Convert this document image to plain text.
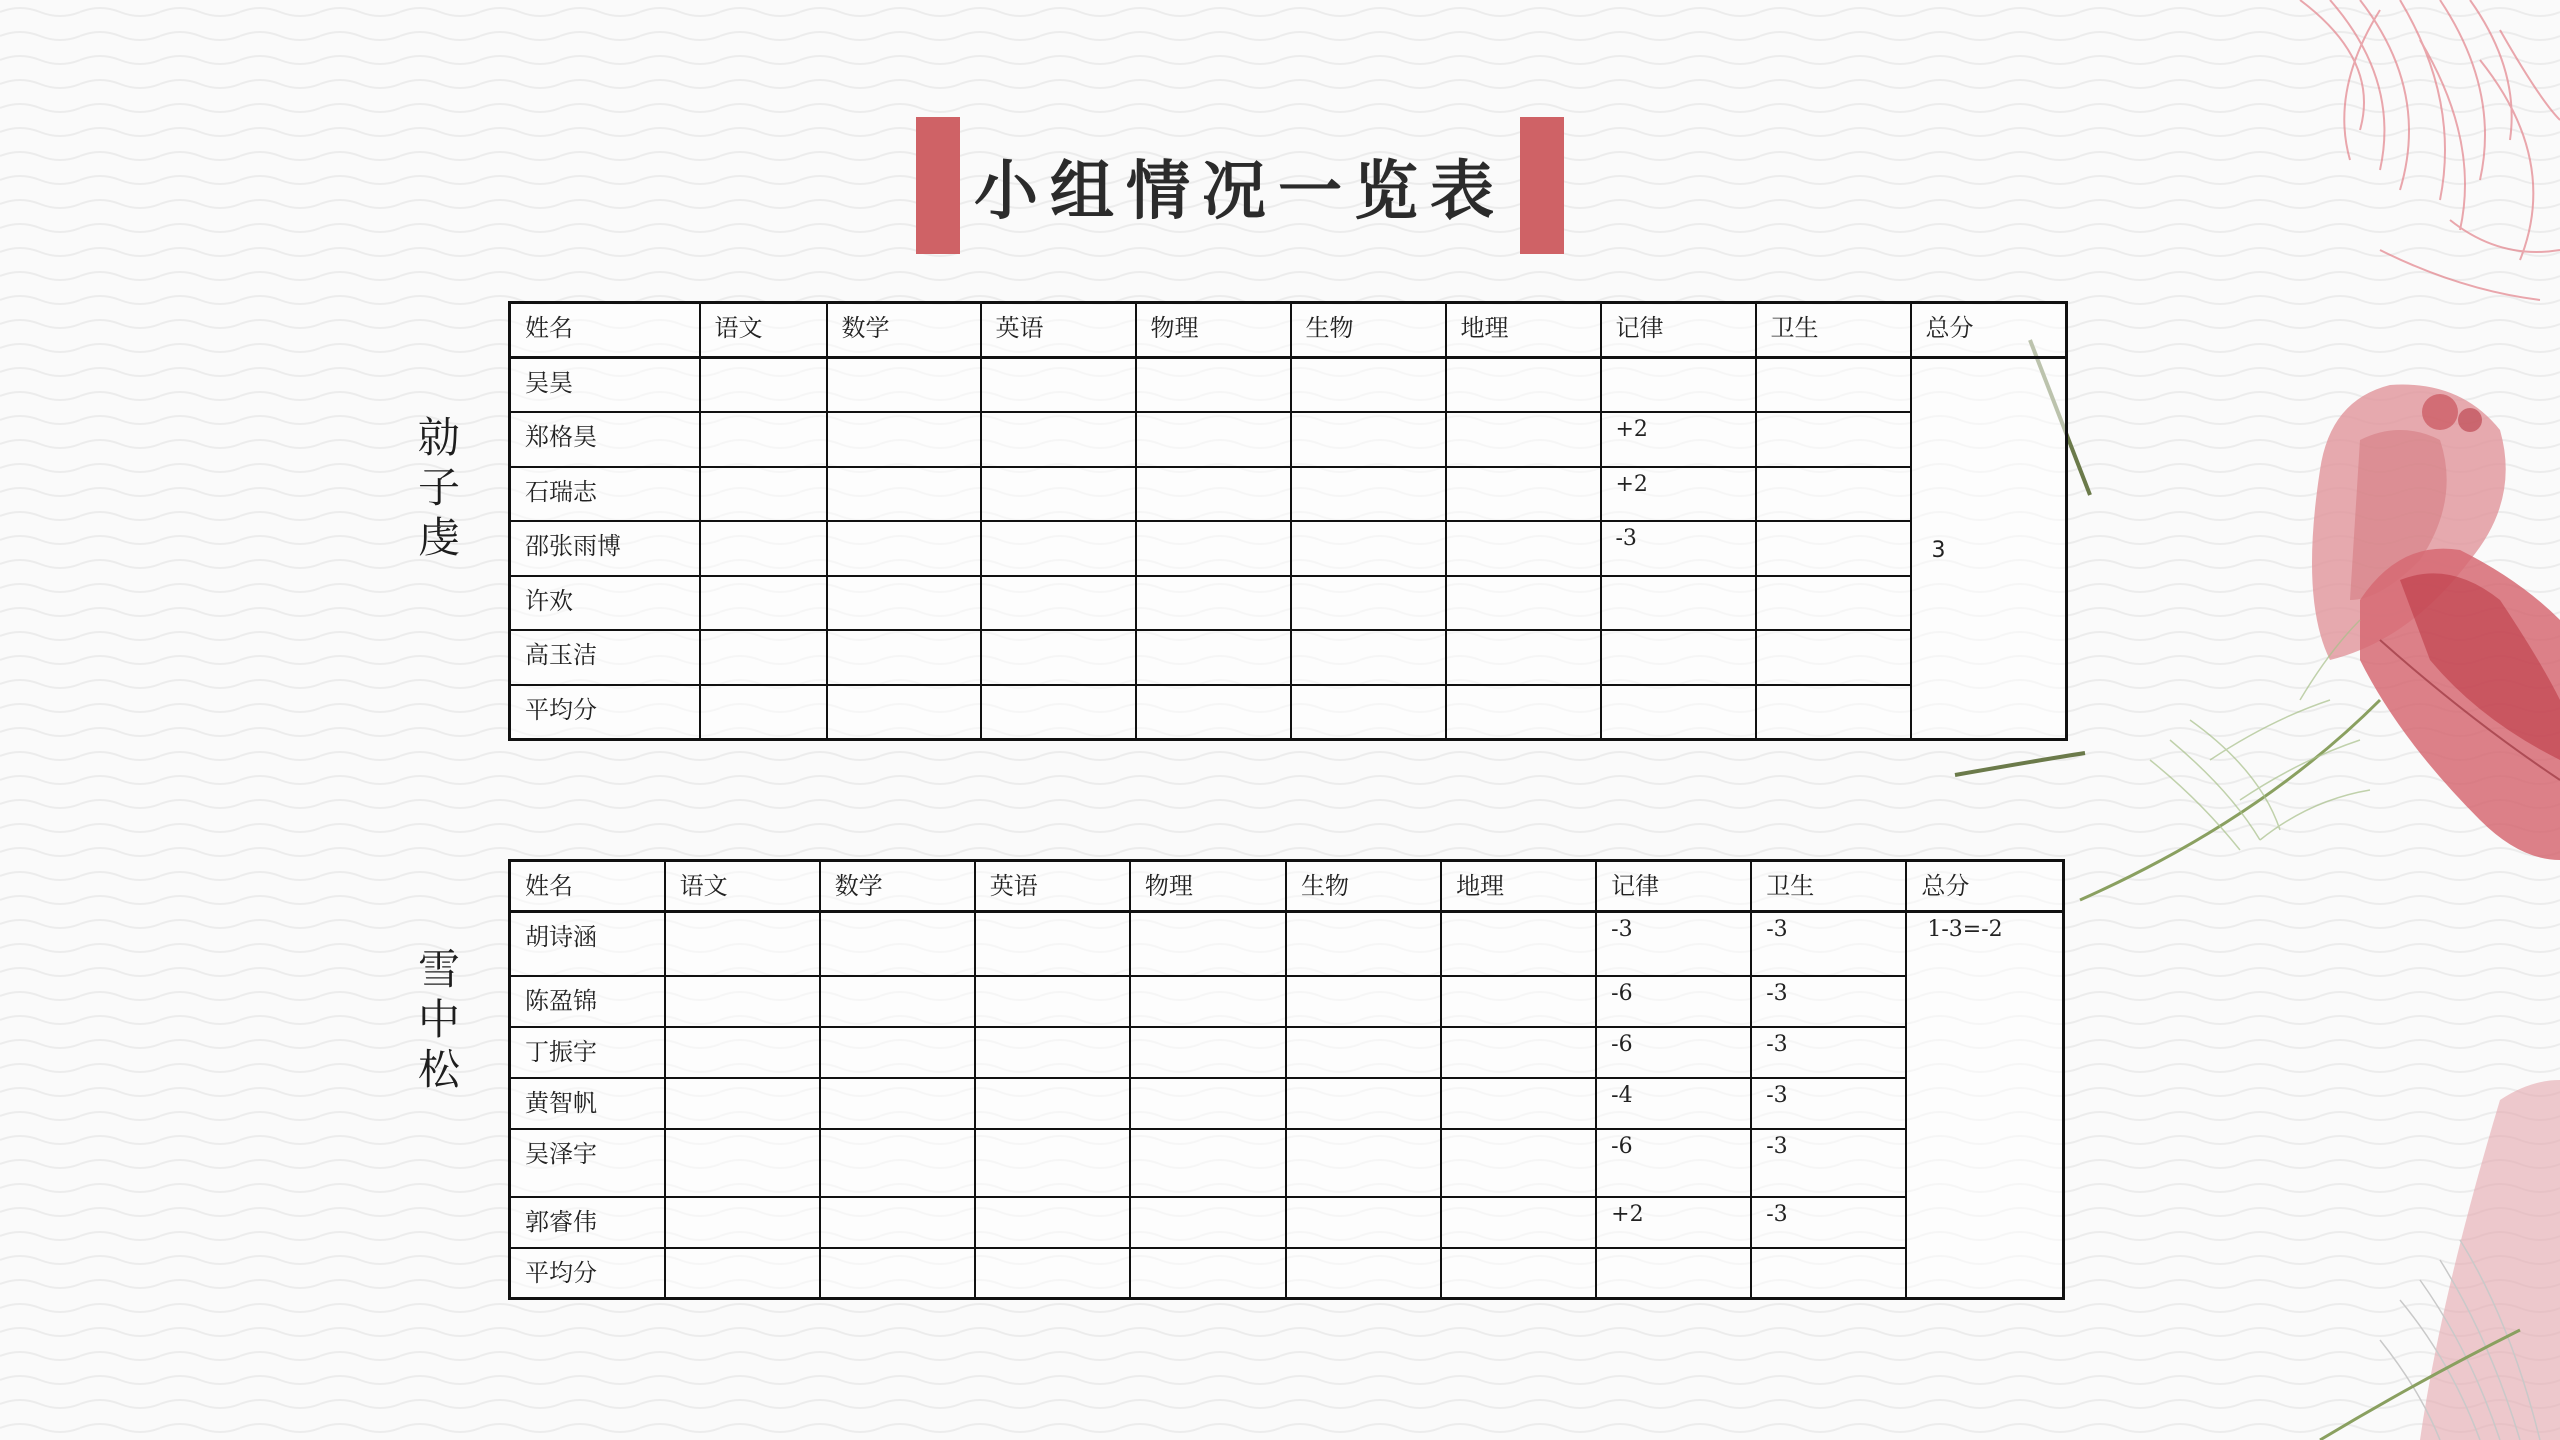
小组情况一览表
勍
子
虔
姓名	语文	数学	英语	物理	生物	地理	记律	卫生	总分
吴昊									3
郑格昊							+2		
石瑞志							+2		
邵张雨博							-3		
许欢									
高玉洁									
平均分									
雪
中
松
姓名	语文	数学	英语	物理	生物	地理	记律	卫生	总分
胡诗涵							-3	-3	1-3=-2
陈盈锦							-6	-3	
丁振宇							-6	-3	
黄智帆							-4	-3	
吴泽宇							-6	-3	
郭睿伟							+2	-3	
平均分									
